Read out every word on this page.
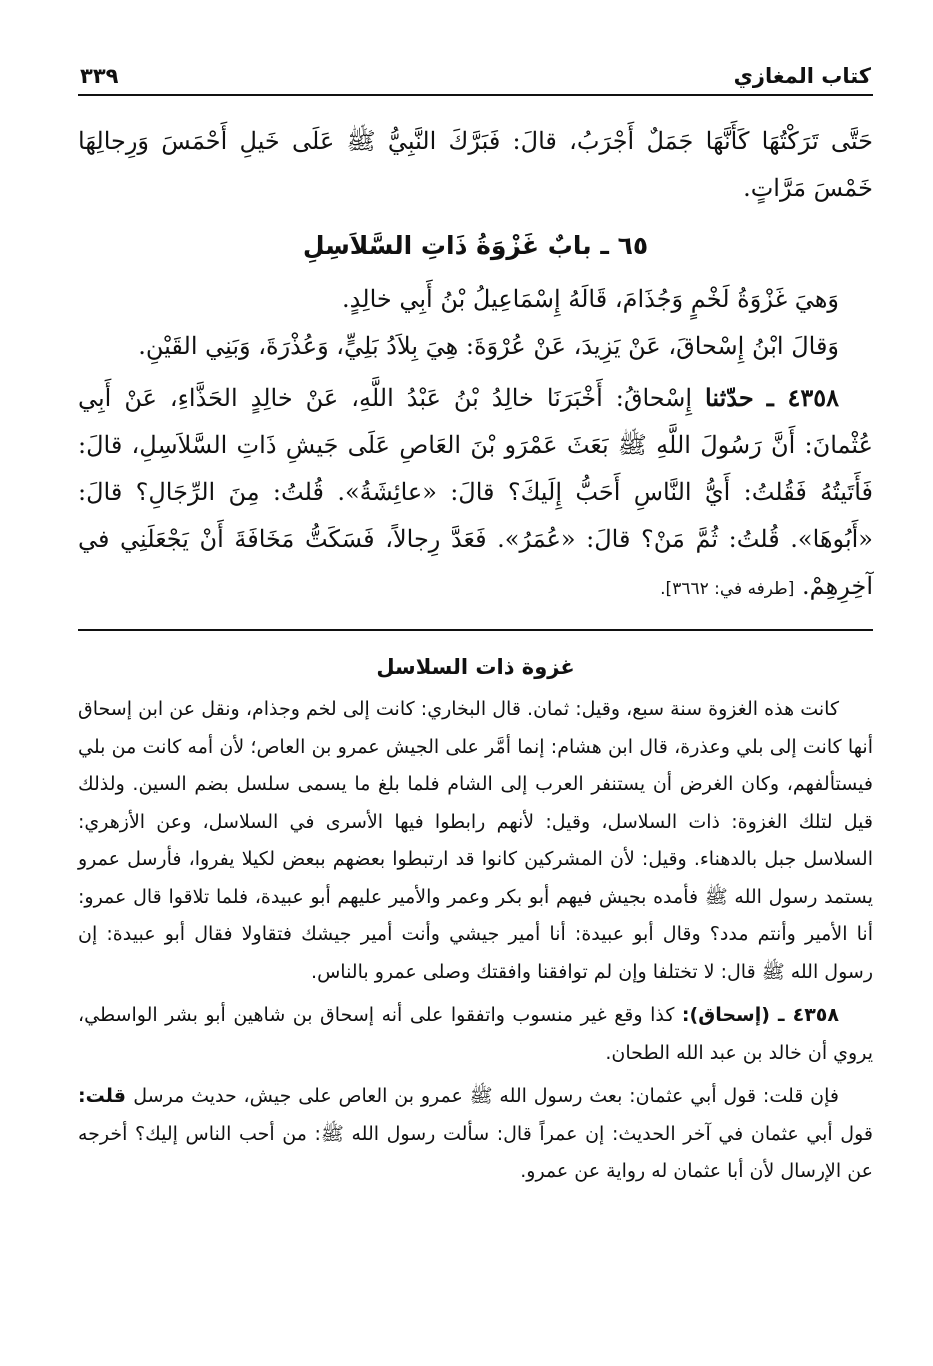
كتاب المغازي
٣٣٩

حَتَّى تَرَكْتُهَا كَأَنَّهَا جَمَلٌ أَجْرَبُ، قالَ: فَبَرَّكَ النَّبِيُّ ﷺ عَلَى خَيلِ أَحْمَسَ وَرِجالِهَا خَمْسَ مَرَّاتٍ.

٦٥ ـ بابٌ غَزْوَةُ ذَاتِ السَّلاَسِلِ

وَهيَ غَزْوَةُ لَخْمٍ وَجُذَامَ، قَالَهُ إِسْمَاعِيلُ بْنُ أَبِي خالِدٍ.

وَقالَ ابْنُ إِسْحاقَ، عَنْ يَزِيدَ، عَنْ عُرْوَةَ: هِيَ بِلاَدُ بَلِيٍّ، وَعُذْرَةَ، وَبَنِي القَيْنِ.

٤٣٥٨ ـ حدّثنا إِسْحاقُ: أَخْبَرَنَا خالِدُ بْنُ عَبْدُ اللَّهِ، عَنْ خالِدٍ الحَذَّاءِ، عَنْ أَبِي عُثْمانَ: أَنَّ رَسُولَ اللَّهِ ﷺ بَعَثَ عَمْرَو بْنَ العَاصِ عَلَى جَيشِ ذَاتِ السَّلاَسِلِ، قالَ: فَأَتَيتُهُ فَقُلتُ: أَيُّ النَّاسِ أَحَبُّ إِلَيكَ؟ قالَ: «عائِشَةُ». قُلتُ: مِنَ الرِّجَالِ؟ قالَ: «أَبُوهَا». قُلتُ: ثُمَّ مَنْ؟ قالَ: «عُمَرُ». فَعَدَّ رِجالاً، فَسَكَتُّ مَخَافَةَ أَنْ يَجْعَلَنِي في آخِرِهِمْ. [طرفه في: ٣٦٦٢].

غزوة ذات السلاسل

كانت هذه الغزوة سنة سبع، وقيل: ثمان. قال البخاري: كانت إلى لخم وجذام، ونقل عن ابن إسحاق أنها كانت إلى بلي وعذرة، قال ابن هشام: إنما أمَّر على الجيش عمرو بن العاص؛ لأن أمه كانت من بلي فيستألفهم، وكان الغرض أن يستنفر العرب إلى الشام فلما بلغ ما يسمى سلسل بضم السين. ولذلك قيل لتلك الغزوة: ذات السلاسل، وقيل: لأنهم رابطوا فيها الأسرى في السلاسل، وعن الأزهري: السلاسل جبل بالدهناء. وقيل: لأن المشركين كانوا قد ارتبطوا بعضهم ببعض لكيلا يفروا، فأرسل عمرو يستمد رسول الله ﷺ فأمده بجيش فيهم أبو بكر وعمر والأمير عليهم أبو عبيدة، فلما تلاقوا قال عمرو: أنا الأمير وأنتم مدد؟ وقال أبو عبيدة: أنا أمير جيشي وأنت أمير جيشك فتقاولا فقال أبو عبيدة: إن رسول الله ﷺ قال: لا تختلفا وإن لم توافقنا وافقتك وصلى عمرو بالناس.

٤٣٥٨ ـ (إسحاق): كذا وقع غير منسوب واتفقوا على أنه إسحاق بن شاهين أبو بشر الواسطي، يروي أن خالد بن عبد الله الطحان.

فإن قلت: قول أبي عثمان: بعث رسول الله ﷺ عمرو بن العاص على جيش، حديث مرسل قلت: قول أبي عثمان في آخر الحديث: إن عمراً قال: سألت رسول الله ﷺ: من أحب الناس إليك؟ أخرجه عن الإرسال لأن أبا عثمان له رواية عن عمرو.
